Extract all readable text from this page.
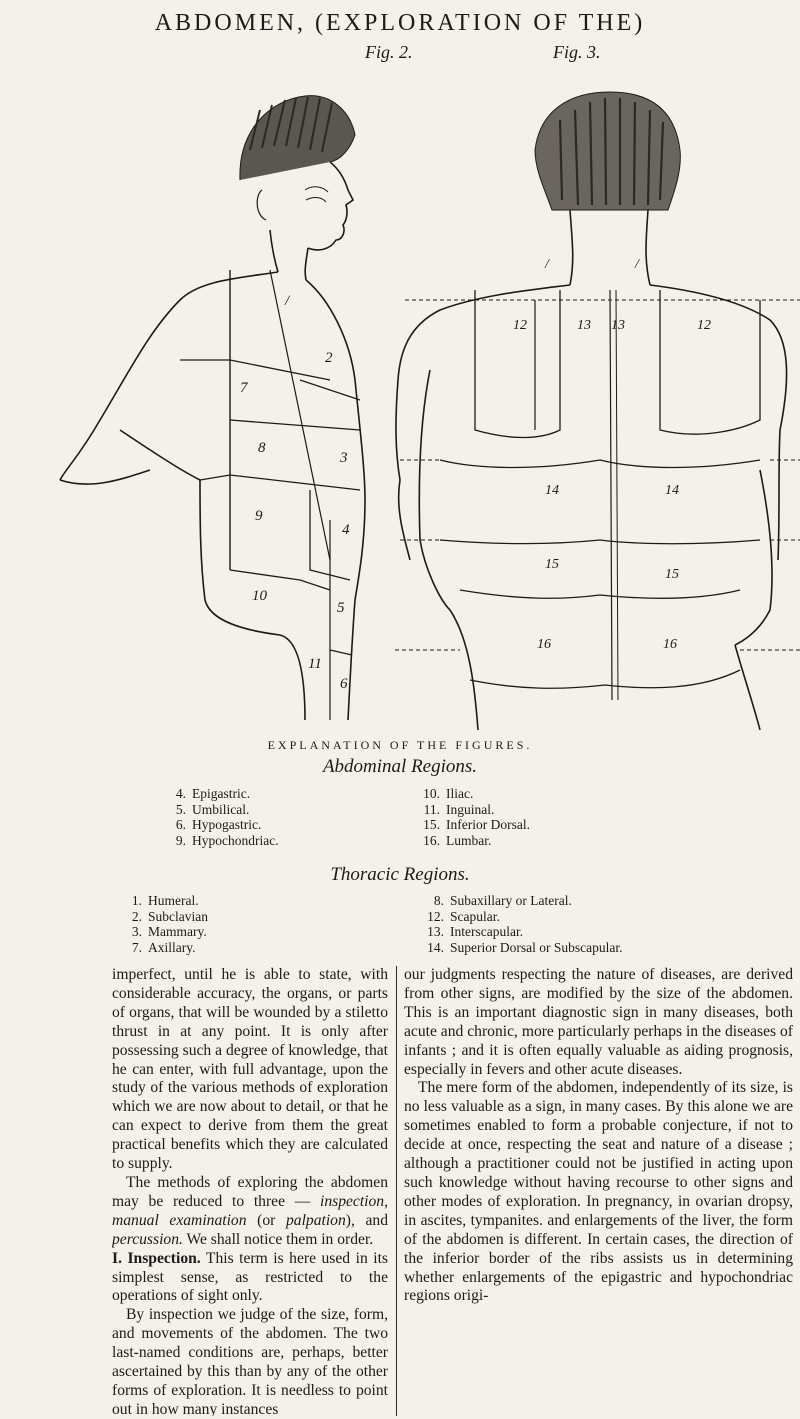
ABDOMEN, (EXPLORATION OF THE)
Fig. 2.	Fig. 3.
2
3
4
5
6
7
8
9
10
11
/
/	/
12	13 13	12
14	14
15
15
16	16
EXPLANATION OF THE FIGURES.
Abdominal Regions.
4. Epigastric.
5. Umbilical.
6. Hypogastric.
9. Hypochondriac.
10. Iliac.
11. Inguinal.
15. Inferior Dorsal.
16. Lumbar.
Thoracic Regions.
1. Humeral.
2. Subclavian
3. Mammary.
7. Axillary.
8. Subaxillary or Lateral.
12. Scapular.
13. Interscapular.
14. Superior Dorsal or Subscapular.

imperfect, until he is able to state, with considerable accuracy, the organs, or parts of organs, that will be wounded by a stiletto thrust in at any point. It is only after possessing such a degree of knowledge, that he can enter, with full advantage, upon the study of the various methods of exploration which we are now about to detail, or that he can expect to derive from them the great practical benefits which they are calculated to supply.

The methods of exploring the abdomen may be reduced to three — inspection, manual examination (or palpation), and percussion. We shall notice them in order.

I. Inspection. This term is here used in its simplest sense, as restricted to the operations of sight only.

By inspection we judge of the size, form, and movements of the abdomen. The two last-named conditions are, perhaps, better ascertained by this than by any of the other forms of exploration. It is needless to point out in how many instances

our judgments respecting the nature of diseases, are derived from other signs, are modified by the size of the abdomen. This is an important diagnostic sign in many diseases, both acute and chronic, more particularly perhaps in the diseases of infants ; and it is often equally valuable as aiding prognosis, especially in fevers and other acute diseases.

The mere form of the abdomen, independently of its size, is no less valuable as a sign, in many cases. By this alone we are sometimes enabled to form a probable conjecture, if not to decide at once, respecting the seat and nature of a disease ; although a practitioner could not be justified in acting upon such knowledge without having recourse to other signs and other modes of exploration. In pregnancy, in ovarian dropsy, in ascites, tympanites. and enlargements of the liver, the form of the abdomen is different. In certain cases, the direction of the inferior border of the ribs assists us in determining whether enlargements of the epigastric and hypochondriac regions origi-
